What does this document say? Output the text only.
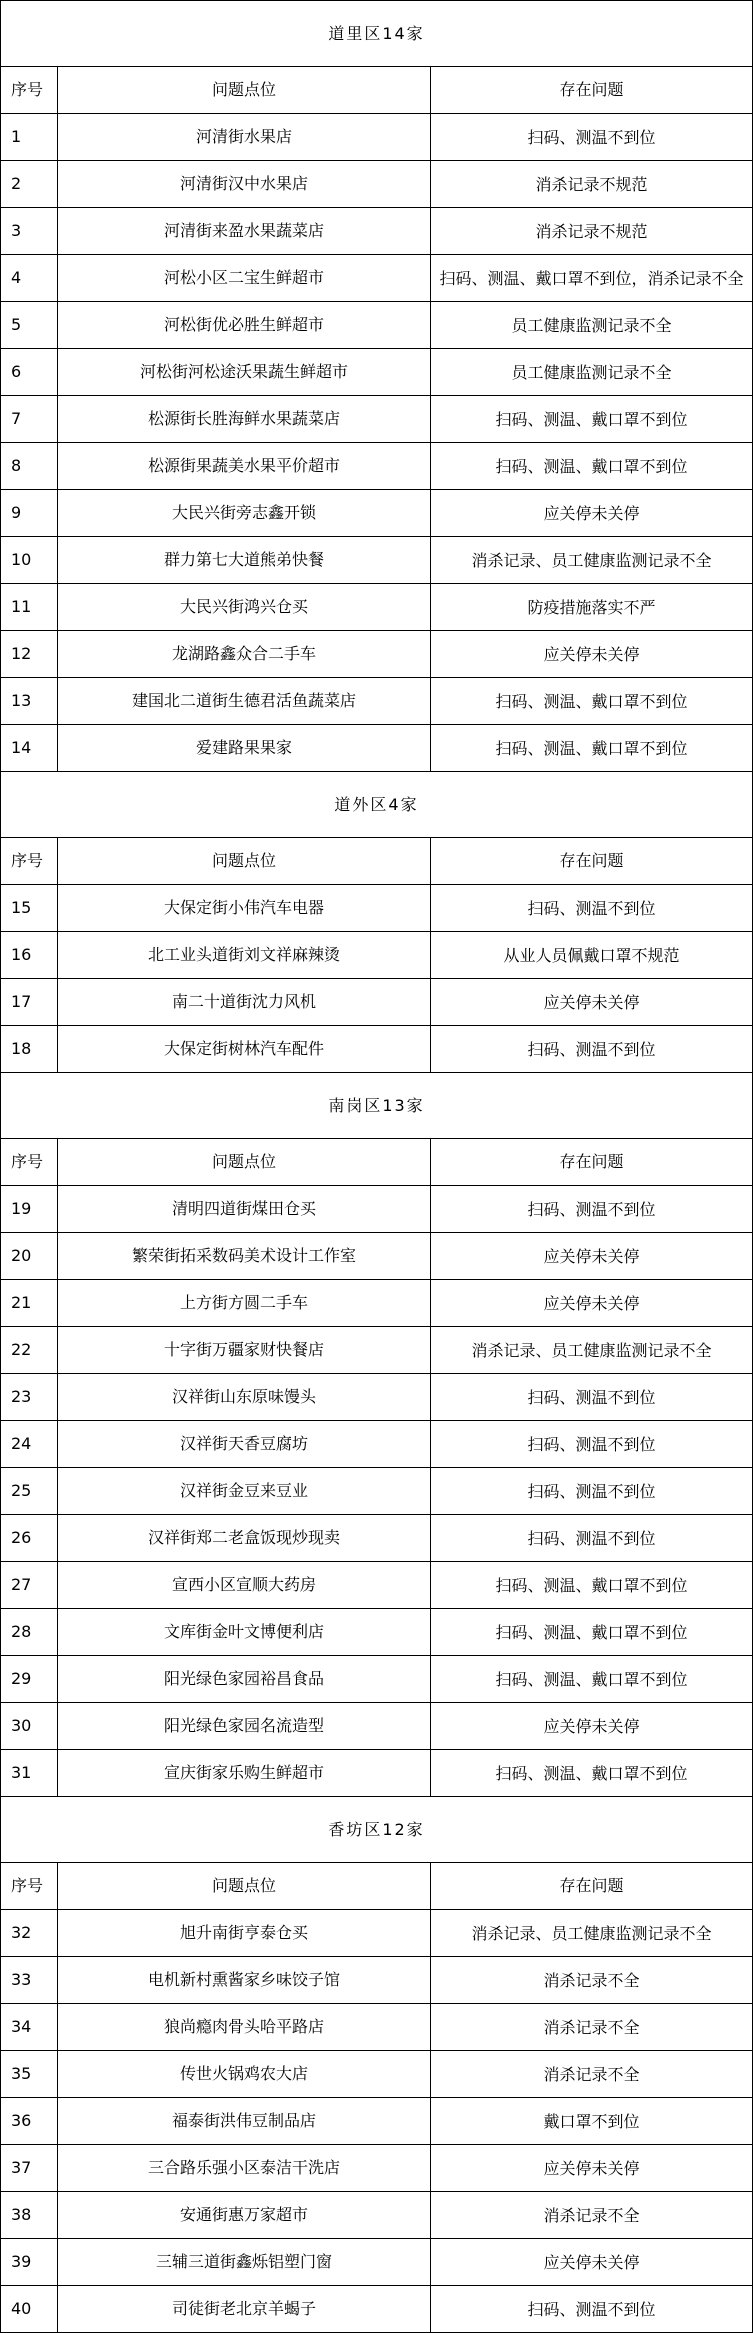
道里区14家		
序号	问题点位	存在问题
1	河清街水果店	扫码、测温不到位
2	河清街汉中水果店	消杀记录不规范
3	河清街来盈水果蔬菜店	消杀记录不规范
4	河松小区二宝生鲜超市	扫码、测温、戴口罩不到位，消杀记录不全
5	河松街优必胜生鲜超市	员工健康监测记录不全
6	河松街河松途沃果蔬生鲜超市	员工健康监测记录不全
7	松源街长胜海鲜水果蔬菜店	扫码、测温、戴口罩不到位
8	松源街果蔬美水果平价超市	扫码、测温、戴口罩不到位
9	大民兴街旁志鑫开锁	应关停未关停
10	群力第七大道熊弟快餐	消杀记录、员工健康监测记录不全
11	大民兴街鸿兴仓买	防疫措施落实不严
12	龙湖路鑫众合二手车	应关停未关停
13	建国北二道街生德君活鱼蔬菜店	扫码、测温、戴口罩不到位
14	爱建路果果家	扫码、测温、戴口罩不到位
道外区4家		
序号	问题点位	存在问题
15	大保定街小伟汽车电器	扫码、测温不到位
16	北工业头道街刘文祥麻辣烫	从业人员佩戴口罩不规范
17	南二十道街沈力风机	应关停未关停
18	大保定街树林汽车配件	扫码、测温不到位
南岗区13家		
序号	问题点位	存在问题
19	清明四道街煤田仓买	扫码、测温不到位
20	繁荣街拓采数码美术设计工作室	应关停未关停
21	上方街方圆二手车	应关停未关停
22	十字街万疆家财快餐店	消杀记录、员工健康监测记录不全
23	汉祥街山东原味馒头	扫码、测温不到位
24	汉祥街天香豆腐坊	扫码、测温不到位
25	汉祥街金豆来豆业	扫码、测温不到位
26	汉祥街郑二老盒饭现炒现卖	扫码、测温不到位
27	宣西小区宣顺大药房	扫码、测温、戴口罩不到位
28	文库街金叶文博便利店	扫码、测温、戴口罩不到位
29	阳光绿色家园裕昌食品	扫码、测温、戴口罩不到位
30	阳光绿色家园名流造型	应关停未关停
31	宣庆街家乐购生鲜超市	扫码、测温、戴口罩不到位
香坊区12家		
序号	问题点位	存在问题
32	旭升南街亨泰仓买	消杀记录、员工健康监测记录不全
33	电机新村熏酱家乡味饺子馆	消杀记录不全
34	狼尚瘾肉骨头哈平路店	消杀记录不全
35	传世火锅鸡农大店	消杀记录不全
36	福泰街洪伟豆制品店	戴口罩不到位
37	三合路乐强小区泰洁干洗店	应关停未关停
38	安通街惠万家超市	消杀记录不全
39	三辅三道街鑫烁铝塑门窗	应关停未关停
40	司徒街老北京羊蝎子	扫码、测温不到位
